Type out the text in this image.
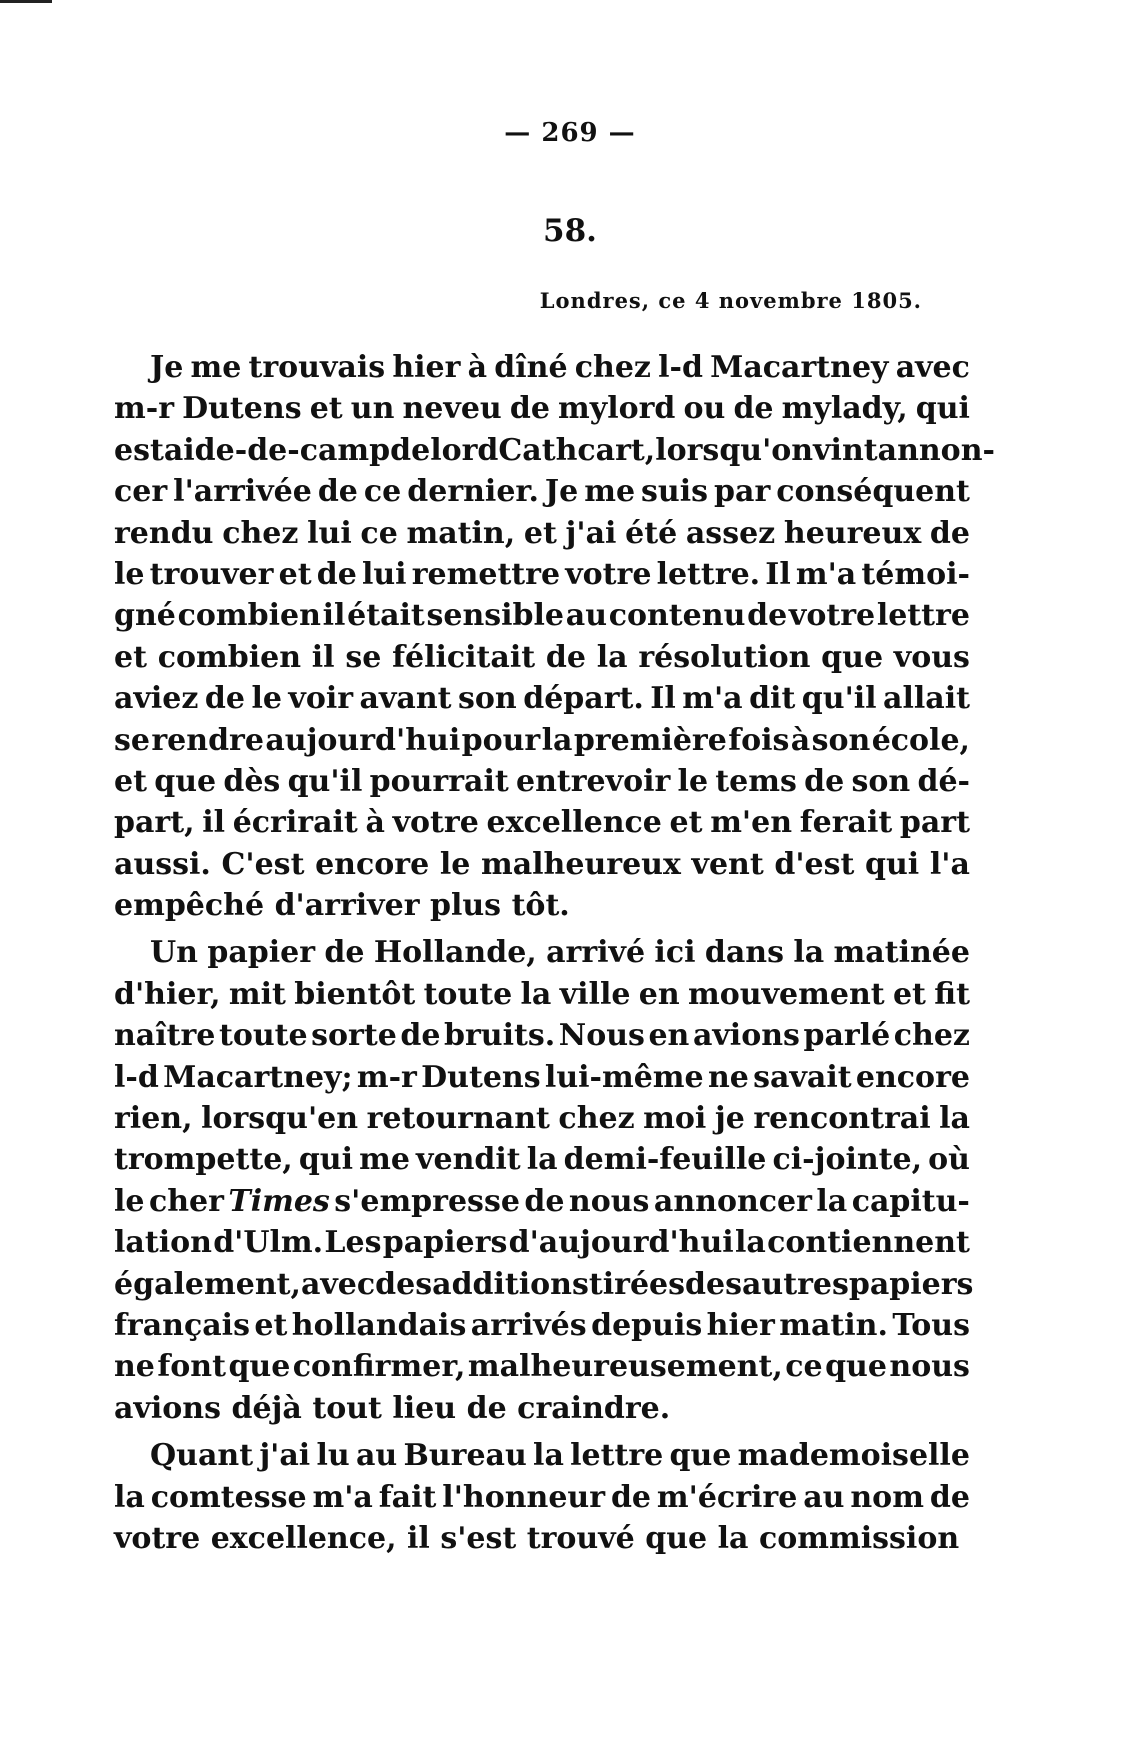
— 269 —
58.
Londres, ce 4 novembre 1805.
Je me trouvais hier à dîné chez l-d Macartney avec
m-r Dutens et un neveu de mylord ou de mylady, qui
est aide-de-camp de lord Cathcart, lorsqu'on vint annon-
cer l'arrivée de ce dernier. Je me suis par conséquent
rendu chez lui ce matin, et j'ai été assez heureux de
le trouver et de lui remettre votre lettre. Il m'a témoi-
gné combien il était sensible au contenu de votre lettre
et combien il se félicitait de la résolution que vous
aviez de le voir avant son départ. Il m'a dit qu'il allait
se rendre aujourd'hui pour la première fois à son école,
et que dès qu'il pourrait entrevoir le tems de son dé-
part, il écrirait à votre excellence et m'en ferait part
aussi. C'est encore le malheureux vent d'est qui l'a
empêché d'arriver plus tôt.
Un papier de Hollande, arrivé ici dans la matinée
d'hier, mit bientôt toute la ville en mouvement et fit
naître toute sorte de bruits. Nous en avions parlé chez
l-d Macartney; m-r Dutens lui-même ne savait encore
rien, lorsqu'en retournant chez moi je rencontrai la
trompette, qui me vendit la demi-feuille ci-jointe, où
le cher Times s'empresse de nous annoncer la capitu-
lation d'Ulm. Les papiers d'aujourd'hui la contiennent
également, avec des additions tirées des autres papiers
français et hollandais arrivés depuis hier matin. Tous
ne font que confirmer, malheureusement, ce que nous
avions déjà tout lieu de craindre.
Quant j'ai lu au Bureau la lettre que mademoiselle
la comtesse m'a fait l'honneur de m'écrire au nom de
votre excellence, il s'est trouvé que la commission
